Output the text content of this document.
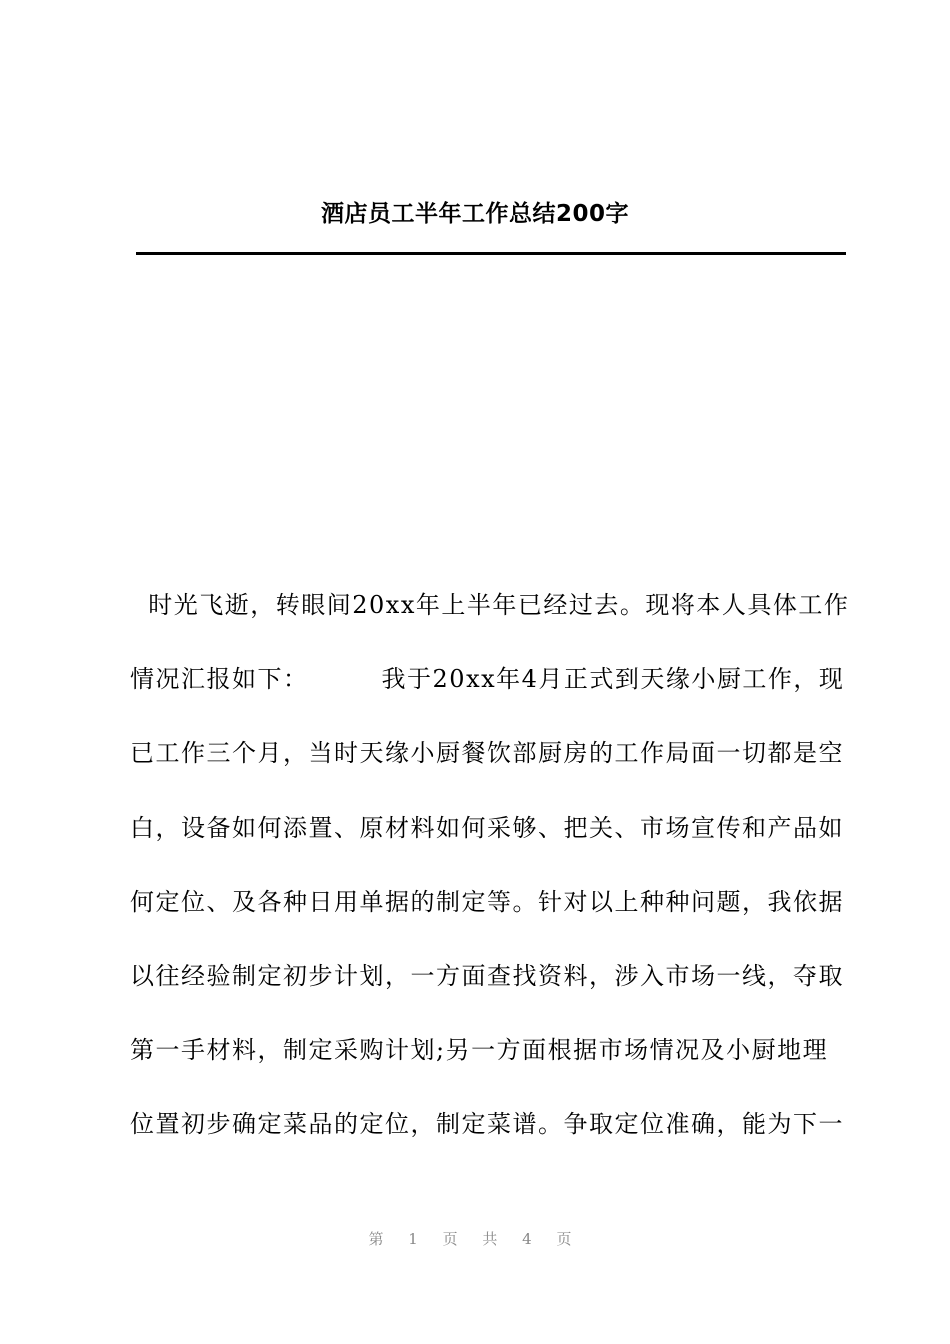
酒店员工半年工作总结200字
时光飞逝，转眼间20xx年上半年已经过去。现将本人具体工作
情况汇报如下：        我于20xx年4月正式到天缘小厨工作，现
已工作三个月，当时天缘小厨餐饮部厨房的工作局面一切都是空
白，设备如何添置、原材料如何采够、把关、市场宣传和产品如
何定位、及各种日用单据的制定等。针对以上种种问题，我依据
以往经验制定初步计划，一方面查找资料，涉入市场一线，夺取
第一手材料，制定采购计划;另一方面根据市场情况及小厨地理
位置初步确定菜品的定位，制定菜谱。争取定位准确，能为下一
第 1 页 共 4 页
